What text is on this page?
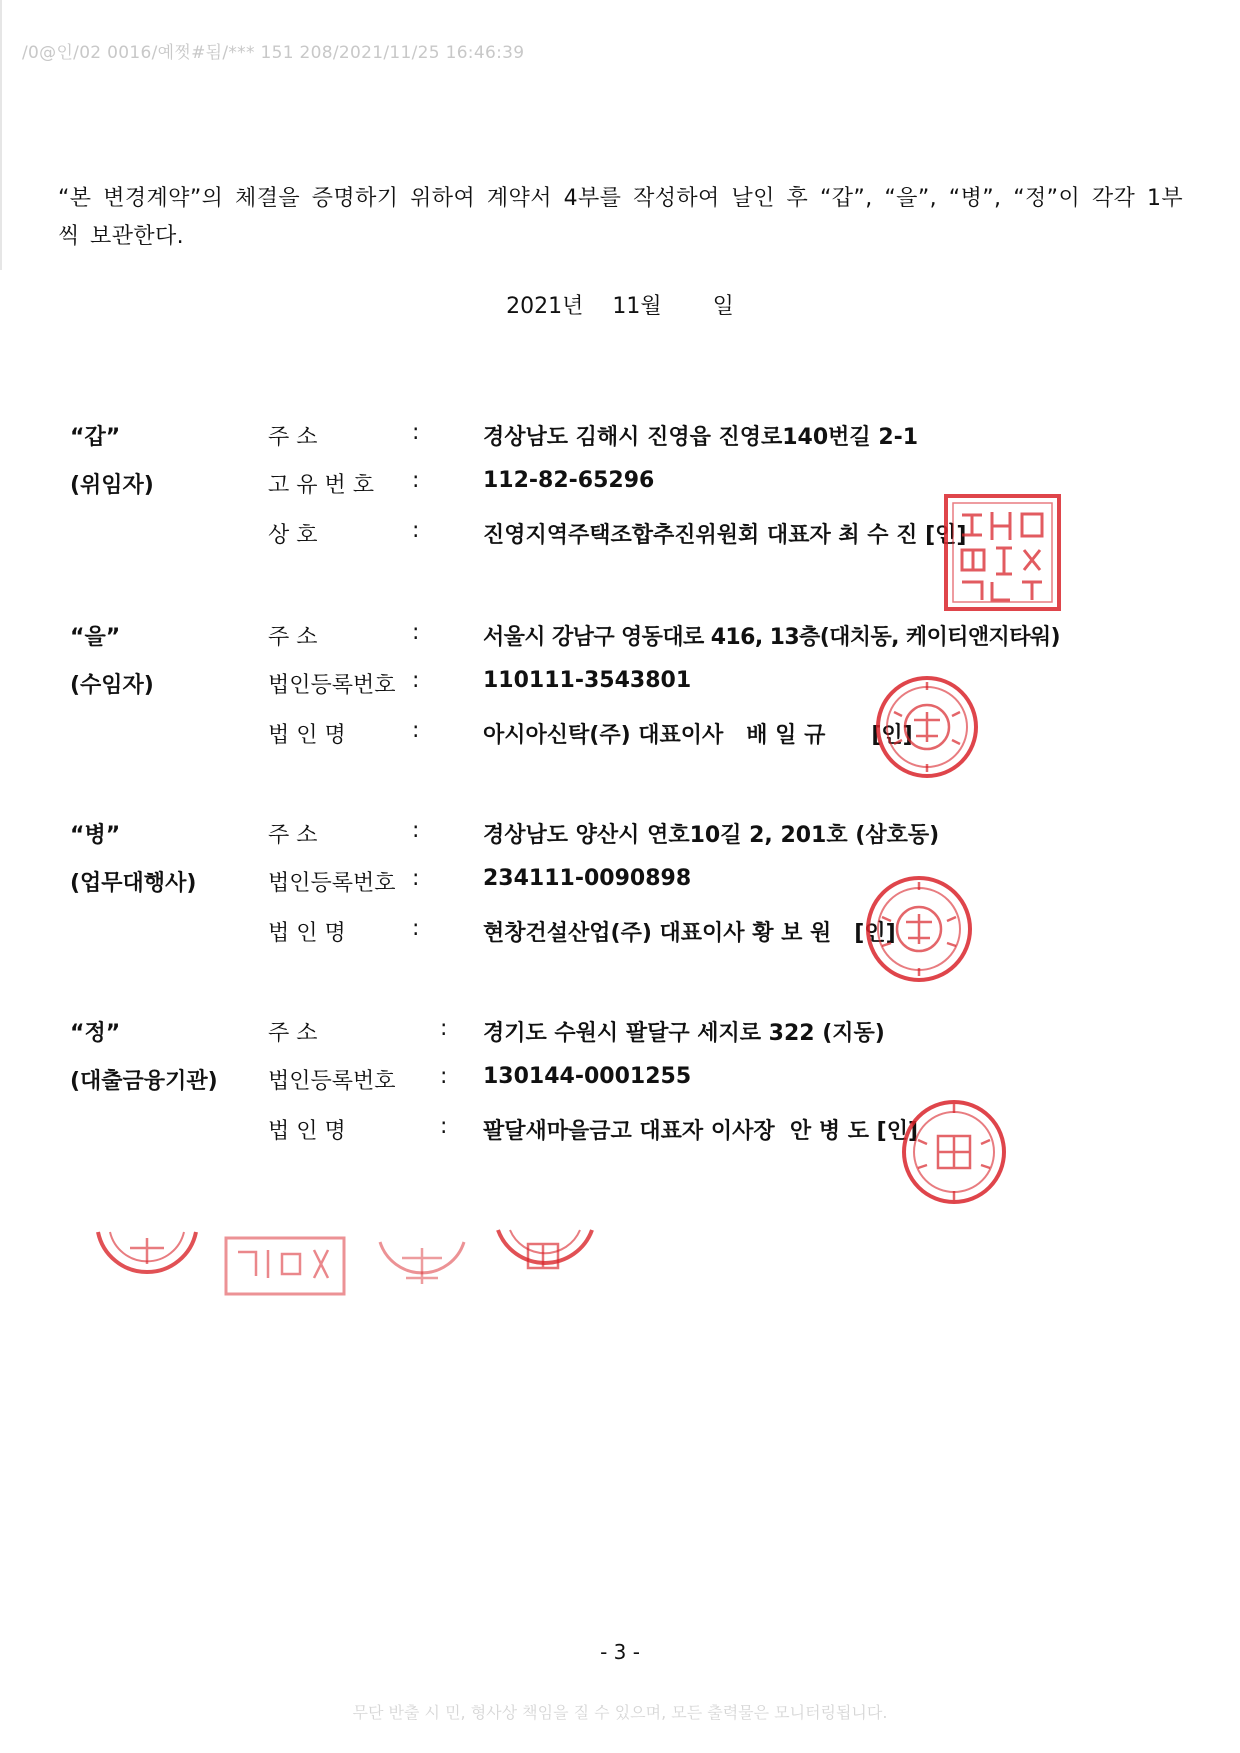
/0@인/02 0016/예쩟#됨/*** 151 208/2021/11/25 16:46:39
“본 변경계약”의 체결을 증명하기 위하여 계약서 4부를 작성하여 날인 후 “갑”, “을”, “병”, “정”이 각각 1부 씩 보관한다.
2021년 11월 일
“갑”
(위임자)
주 소	:	경상남도 김해시 진영읍 진영로140번길 2-1
고 유 번 호 :	112-82-65296
상 호	:	진영지역주택조합추진위원회 대표자 최 수 진 [인]
“을”
(수임자)
주 소	:	서울시 강남구 영동대로 416, 13층(대치동, 케이티앤지타워)
법인등록번호 :	110111-3543801
법 인 명	:	아시아신탁(주) 대표이사   배 일 규 [인]
“병”
(업무대행사)
주 소	:	경상남도 양산시 연호10길 2, 201호 (삼호동)
법인등록번호 :	234111-0090898
법 인 명	:	현창건설산업(주) 대표이사 황 보 원 [인]
“정”
(대출금융기관)
주 소	: 경기도 수원시 팔달구 세지로 322 (지동)
법인등록번호 : 130144-0001255
법 인 명	: 팔달새마을금고 대표자 이사장  안 병 도 [인]
- 3 -
무단 반출 시 민, 형사상 책임을 질 수 있으며, 모든 출력물은 모니터링됩니다.
